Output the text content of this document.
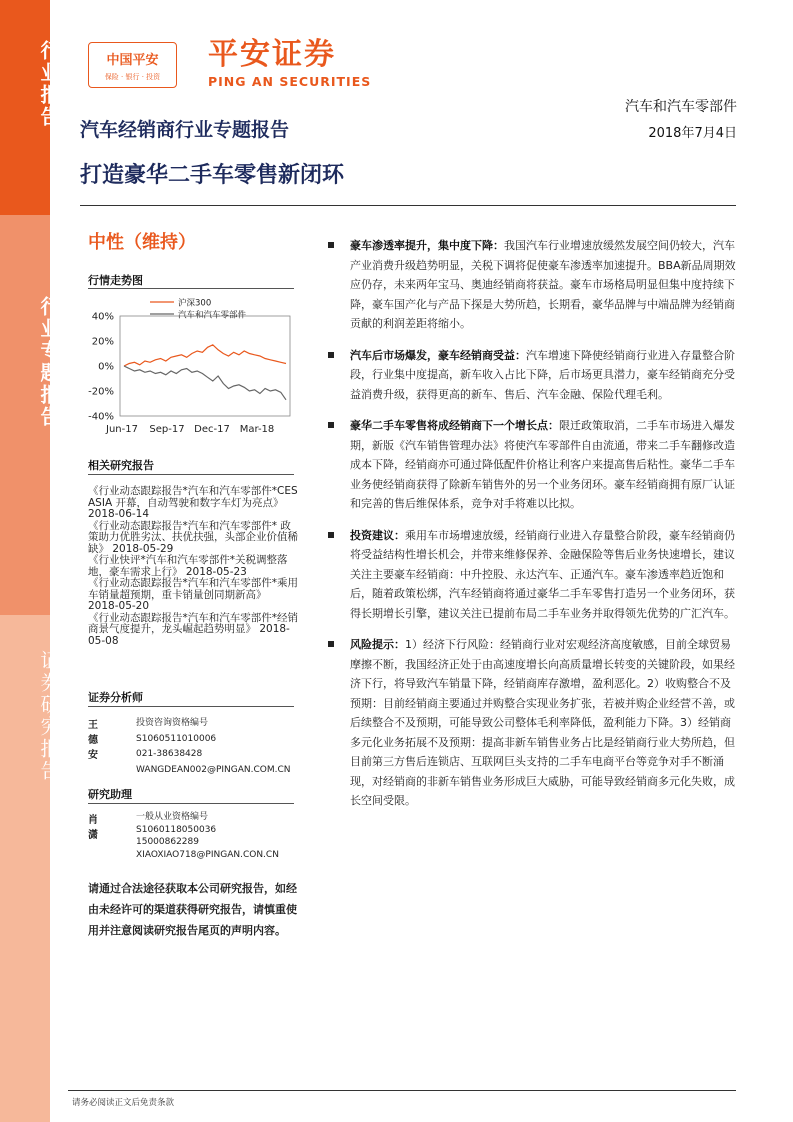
行业报告
行业专题报告
证券研究报告
中国平安
保险 · 银行 · 投资
平安证券
PING AN SECURITIES
汽车和汽车零部件
2018年7月4日
汽车经销商行业专题报告
打造豪华二手车零售新闭环
中性（维持）
行情走势图
40%
20%
0%
-20%
-40%
Jun-17 Sep-17 Dec-17 Mar-18
沪深300
汽车和汽车零部件
相关研究报告
《行业动态跟踪报告*汽车和汽车零部件*CES ASIA 开幕，自动驾驶和数字车灯为亮点》 2018-06-14
《行业动态跟踪报告*汽车和汽车零部件* 政策助力优胜劣汰、扶优扶强，头部企业价值稀缺》 2018-05-29
《行业快评*汽车和汽车零部件*关税调整落地，豪车需求上行》 2018-05-23
《行业动态跟踪报告*汽车和汽车零部件*乘用车销量超预期，重卡销量创同期新高》 2018-05-20
《行业动态跟踪报告*汽车和汽车零部件*经销商景气度提升，龙头崛起趋势明显》 2018-05-08
证券分析师
王德安
投资咨询资格编号
S1060511010006
021-38638428
WANGDEAN002@PINGAN.COM.CN
研究助理
肖潇
一般从业资格编号
S1060118050036
15000862289
XIAOXIAO718@PINGAN.CON.CN
请通过合法途径获取本公司研究报告，如经由未经许可的渠道获得研究报告，请慎重使用并注意阅读研究报告尾页的声明内容。
豪车渗透率提升，集中度下降：我国汽车行业增速放缓然发展空间仍较大，汽车产业消费升级趋势明显，关税下调将促使豪车渗透率加速提升。BBA新品周期效应仍存，未来两年宝马、奥迪经销商将获益。豪车市场格局明显但集中度持续下降，豪车国产化与产品下探是大势所趋，长期看，豪华品牌与中端品牌为经销商贡献的利润差距将缩小。
汽车后市场爆发，豪车经销商受益：汽车增速下降使经销商行业进入存量整合阶段，行业集中度提高，新车收入占比下降，后市场更具潜力，豪车经销商充分受益消费升级，获得更高的新车、售后、汽车金融、保险代理毛利。
豪华二手车零售将成经销商下一个增长点：限迁政策取消，二手车市场进入爆发期，新版《汽车销售管理办法》将使汽车零部件自由流通，带来二手车翻修改造成本下降，经销商亦可通过降低配件价格让利客户来提高售后粘性。豪华二手车业务使经销商获得了除新车销售外的另一个业务闭环。豪车经销商拥有原厂认证和完善的售后维保体系，竞争对手将难以比拟。
投资建议：乘用车市场增速放缓，经销商行业进入存量整合阶段，豪车经销商仍将受益结构性增长机会，并带来维修保养、金融保险等售后业务快速增长，建议关注主要豪车经销商：中升控股、永达汽车、正通汽车。豪车渗透率趋近饱和后，随着政策松绑，汽车经销商将通过豪华二手车零售打造另一个业务闭环，获得长期增长引擎，建议关注已提前布局二手车业务并取得领先优势的广汇汽车。
风险提示：1）经济下行风险：经销商行业对宏观经济高度敏感，目前全球贸易摩擦不断，我国经济正处于由高速度增长向高质量增长转变的关键阶段，如果经济下行，将导致汽车销量下降，经销商库存激增，盈利恶化。2）收购整合不及预期：目前经销商主要通过并购整合实现业务扩张，若被并购企业经营不善，或后续整合不及预期，可能导致公司整体毛利率降低，盈利能力下降。3）经销商多元化业务拓展不及预期：提高非新车销售业务占比是经销商行业大势所趋，但目前第三方售后连锁店、互联网巨头支持的二手车电商平台等竞争对手不断涌现，对经销商的非新车销售业务形成巨大威胁，可能导致经销商多元化失败，成长空间受限。
请务必阅读正文后免责条款
